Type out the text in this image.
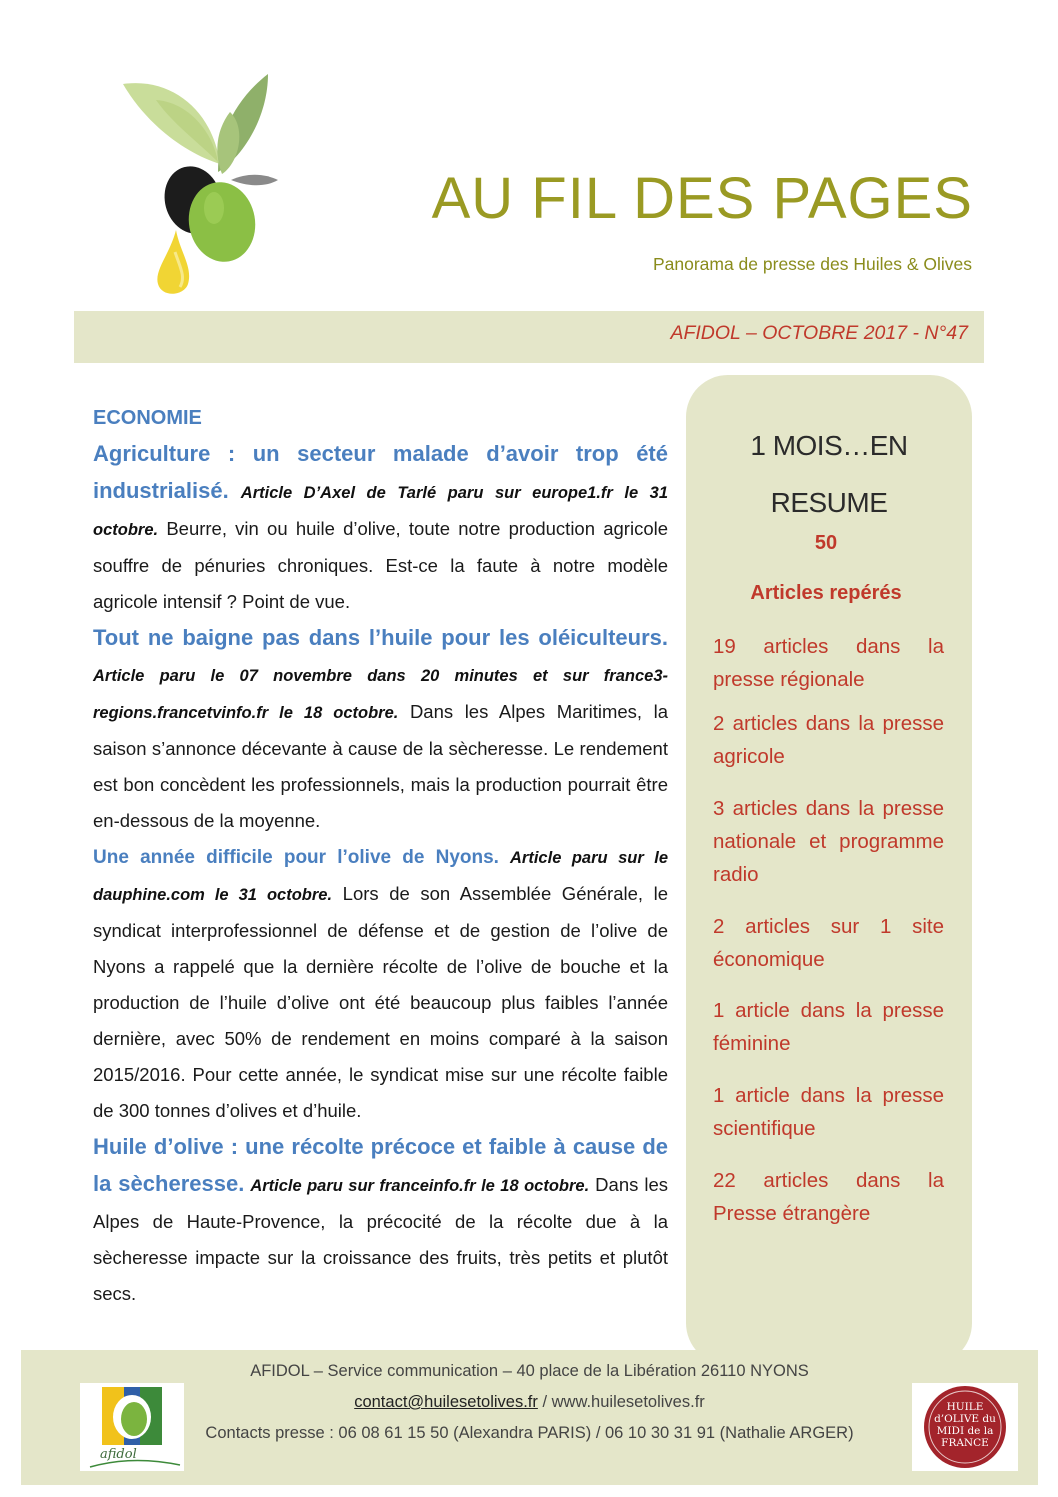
AU FIL DES PAGES
Panorama de presse des Huiles & Olives
AFIDOL – OCTOBRE 2017 - N°47
ECONOMIE

Agriculture : un secteur malade d’avoir trop été industrialisé. Article D’Axel de Tarlé paru sur europe1.fr le 31 octobre. Beurre, vin ou huile d’olive, toute notre production agricole souffre de pénuries chroniques. Est-ce la faute à notre modèle agricole intensif ? Point de vue.

Tout ne baigne pas dans l’huile pour les oléiculteurs. Article paru le 07 novembre dans 20 minutes et sur france3-regions.francetvinfo.fr le 18 octobre. Dans les Alpes Maritimes, la saison s’annonce décevante à cause de la sècheresse. Le rendement est bon concèdent les professionnels, mais la production pourrait être en-dessous de la moyenne.

Une année difficile pour l’olive de Nyons. Article paru sur le dauphine.com le 31 octobre. Lors de son Assemblée Générale, le syndicat interprofessionnel de défense et de gestion de l’olive de Nyons a rappelé que la dernière récolte de l’olive de bouche et la production de l’huile d’olive ont été beaucoup plus faibles l’année dernière, avec 50% de rendement en moins comparé à la saison 2015/2016. Pour cette année, le syndicat mise sur une récolte faible de 300 tonnes d’olives et d’huile.

Huile d’olive : une récolte précoce et faible à cause de la sècheresse. Article paru sur franceinfo.fr le 18 octobre. Dans les Alpes de Haute-Provence, la précocité de la récolte due à la sècheresse impacte sur la croissance des fruits, très petits et plutôt secs.

1 MOIS…EN
RESUME
50
Articles repérés
19 articles dans la presse régionale
2 articles dans la presse agricole
3 articles dans la presse nationale et programme radio
2 articles sur 1 site économique
1 article dans la presse féminine
1 article dans la presse scientifique
22 articles dans la Presse étrangère
AFIDOL – Service communication – 40 place de la Libération 26110 NYONS
contact@huilesetolives.fr / www.huilesetolives.fr
Contacts presse : 06 08 61 15 50 (Alexandra PARIS) / 06 10 30 31 91 (Nathalie ARGER)
afidol
HUILE d’OLIVE du MIDI de la FRANCE
